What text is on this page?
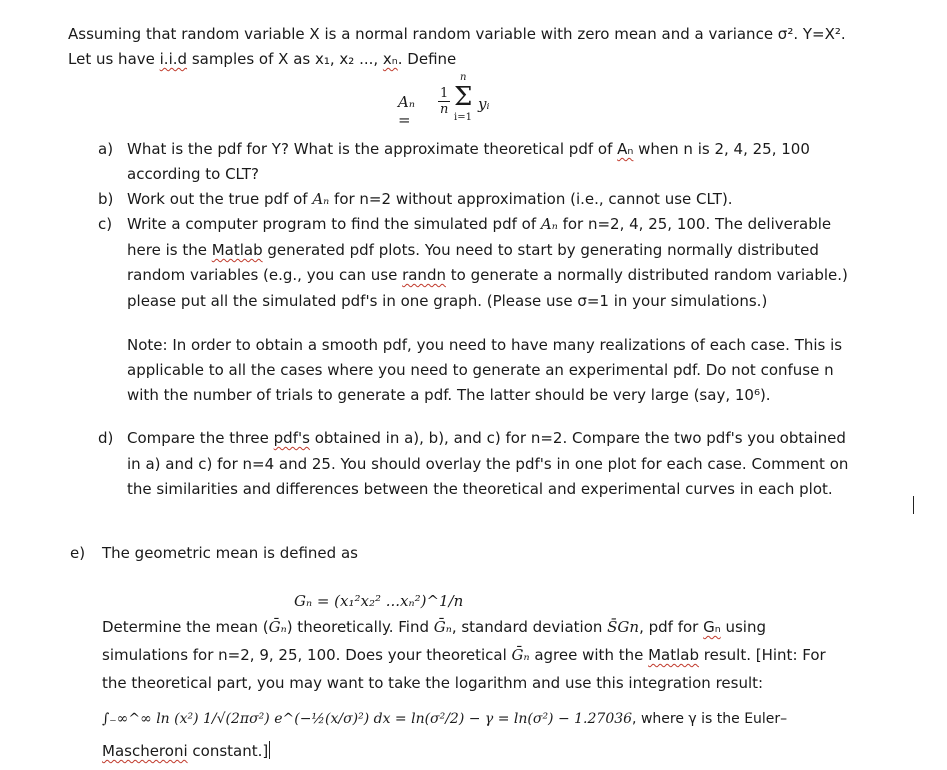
Assuming that random variable X is a normal random variable with zero mean and a variance σ². Y=X².
Let us have i.i.d samples of X as x₁, x₂ ..., xₙ. Define
Aₙ =
$\frac{1}{n}$
n
Σ
i=1
yᵢ
a) What is the pdf for Y? What is the approximate theoretical pdf of Aₙ when n is 2, 4, 25, 100
according to CLT?
b) Work out the true pdf of Aₙ for n=2 without approximation (i.e., cannot use CLT).
c) Write a computer program to find the simulated pdf of Aₙ for n=2, 4, 25, 100. The deliverable
here is the Matlab generated pdf plots. You need to start by generating normally distributed
random variables (e.g., you can use randn to generate a normally distributed random variable.)
please put all the simulated pdf's in one graph. (Please use σ=1 in your simulations.)
Note: In order to obtain a smooth pdf, you need to have many realizations of each case. This is
applicable to all the cases where you need to generate an experimental pdf. Do not confuse n
with the number of trials to generate a pdf. The latter should be very large (say, 10⁶).
d) Compare the three pdf's obtained in a), b), and c) for n=2. Compare the two pdf's you obtained
in a) and c) for n=4 and 25. You should overlay the pdf's in one plot for each case. Comment on
the similarities and differences between the theoretical and experimental curves in each plot.
e)	The geometric mean is defined as
Gₙ = (x₁²x₂² ...xₙ²)^1/n
Determine the mean (Ḡₙ) theoretically. Find Ḡₙ, standard deviation S̄Gn, pdf for Gₙ using
simulations for n=2, 9, 25, 100. Does your theoretical Ḡₙ agree with the Matlab result. [Hint: For
the theoretical part, you may want to take the logarithm and use this integration result:
∫₋∞^∞ ln (x²) 1/√(2πσ²) e^(−½(x/σ)²) dx = ln(σ²/2) − γ = ln(σ²) − 1.27036, where γ is the Euler–
Mascheroni constant.]
